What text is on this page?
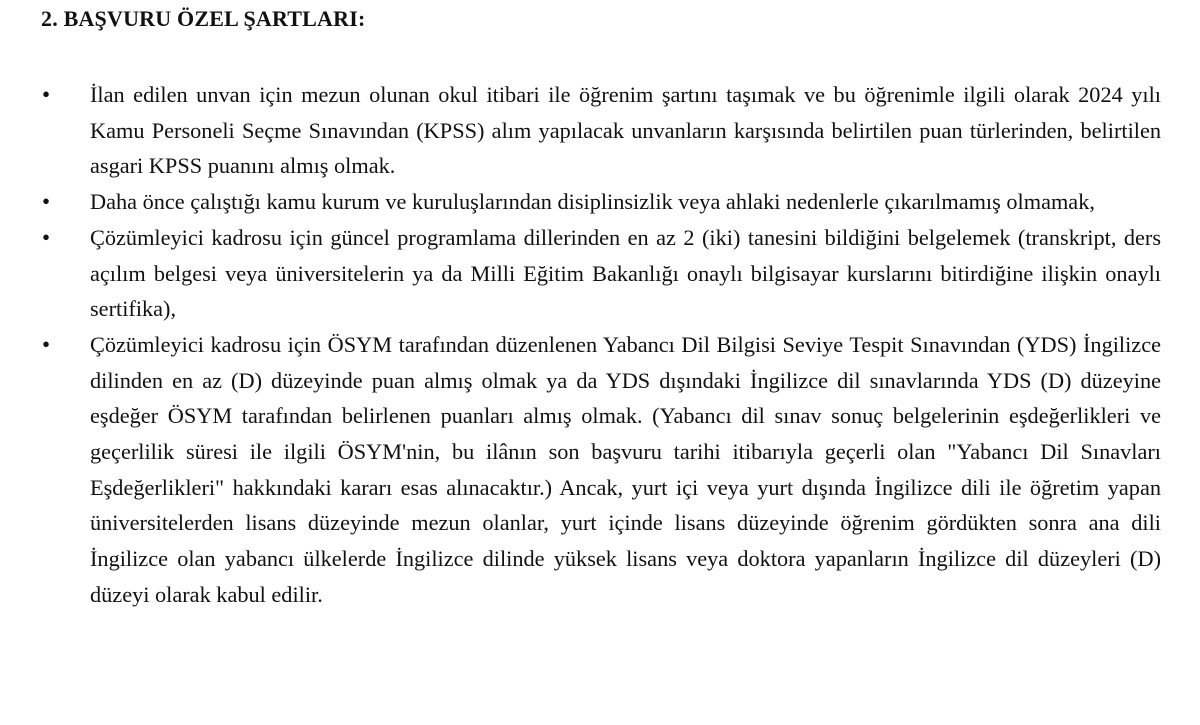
2. BAŞVURU ÖZEL ŞARTLARI:
• İlan edilen unvan için mezun olunan okul itibari ile öğrenim şartını taşımak ve bu öğrenimle ilgili olarak 2024 yılı Kamu Personeli Seçme Sınavından (KPSS) alım yapılacak unvanların karşısında belirtilen puan türlerinden, belirtilen asgari KPSS puanını almış olmak.
• Daha önce çalıştığı kamu kurum ve kuruluşlarından disiplinsizlik veya ahlaki nedenlerle çıkarılmamış olmamak,
• Çözümleyici kadrosu için güncel programlama dillerinden en az 2 (iki) tanesini bildiğini belgelemek (transkript, ders açılım belgesi veya üniversitelerin ya da Milli Eğitim Bakanlığı onaylı bilgisayar kurslarını bitirdiğine ilişkin onaylı sertifika),
• Çözümleyici kadrosu için ÖSYM tarafından düzenlenen Yabancı Dil Bilgisi Seviye Tespit Sınavından (YDS) İngilizce dilinden en az (D) düzeyinde puan almış olmak ya da YDS dışındaki İngilizce dil sınavlarında YDS (D) düzeyine eşdeğer ÖSYM tarafından belirlenen puanları almış olmak. (Yabancı dil sınav sonuç belgelerinin eşdeğerlikleri ve geçerlilik süresi ile ilgili ÖSYM'nin, bu ilânın son başvuru tarihi itibarıyla geçerli olan "Yabancı Dil Sınavları Eşdeğerlikleri" hakkındaki kararı esas alınacaktır.) Ancak, yurt içi veya yurt dışında İngilizce dili ile öğretim yapan üniversitelerden lisans düzeyinde mezun olanlar, yurt içinde lisans düzeyinde öğrenim gördükten sonra ana dili İngilizce olan yabancı ülkelerde İngilizce dilinde yüksek lisans veya doktora yapanların İngilizce dil düzeyleri (D) düzeyi olarak kabul edilir.
